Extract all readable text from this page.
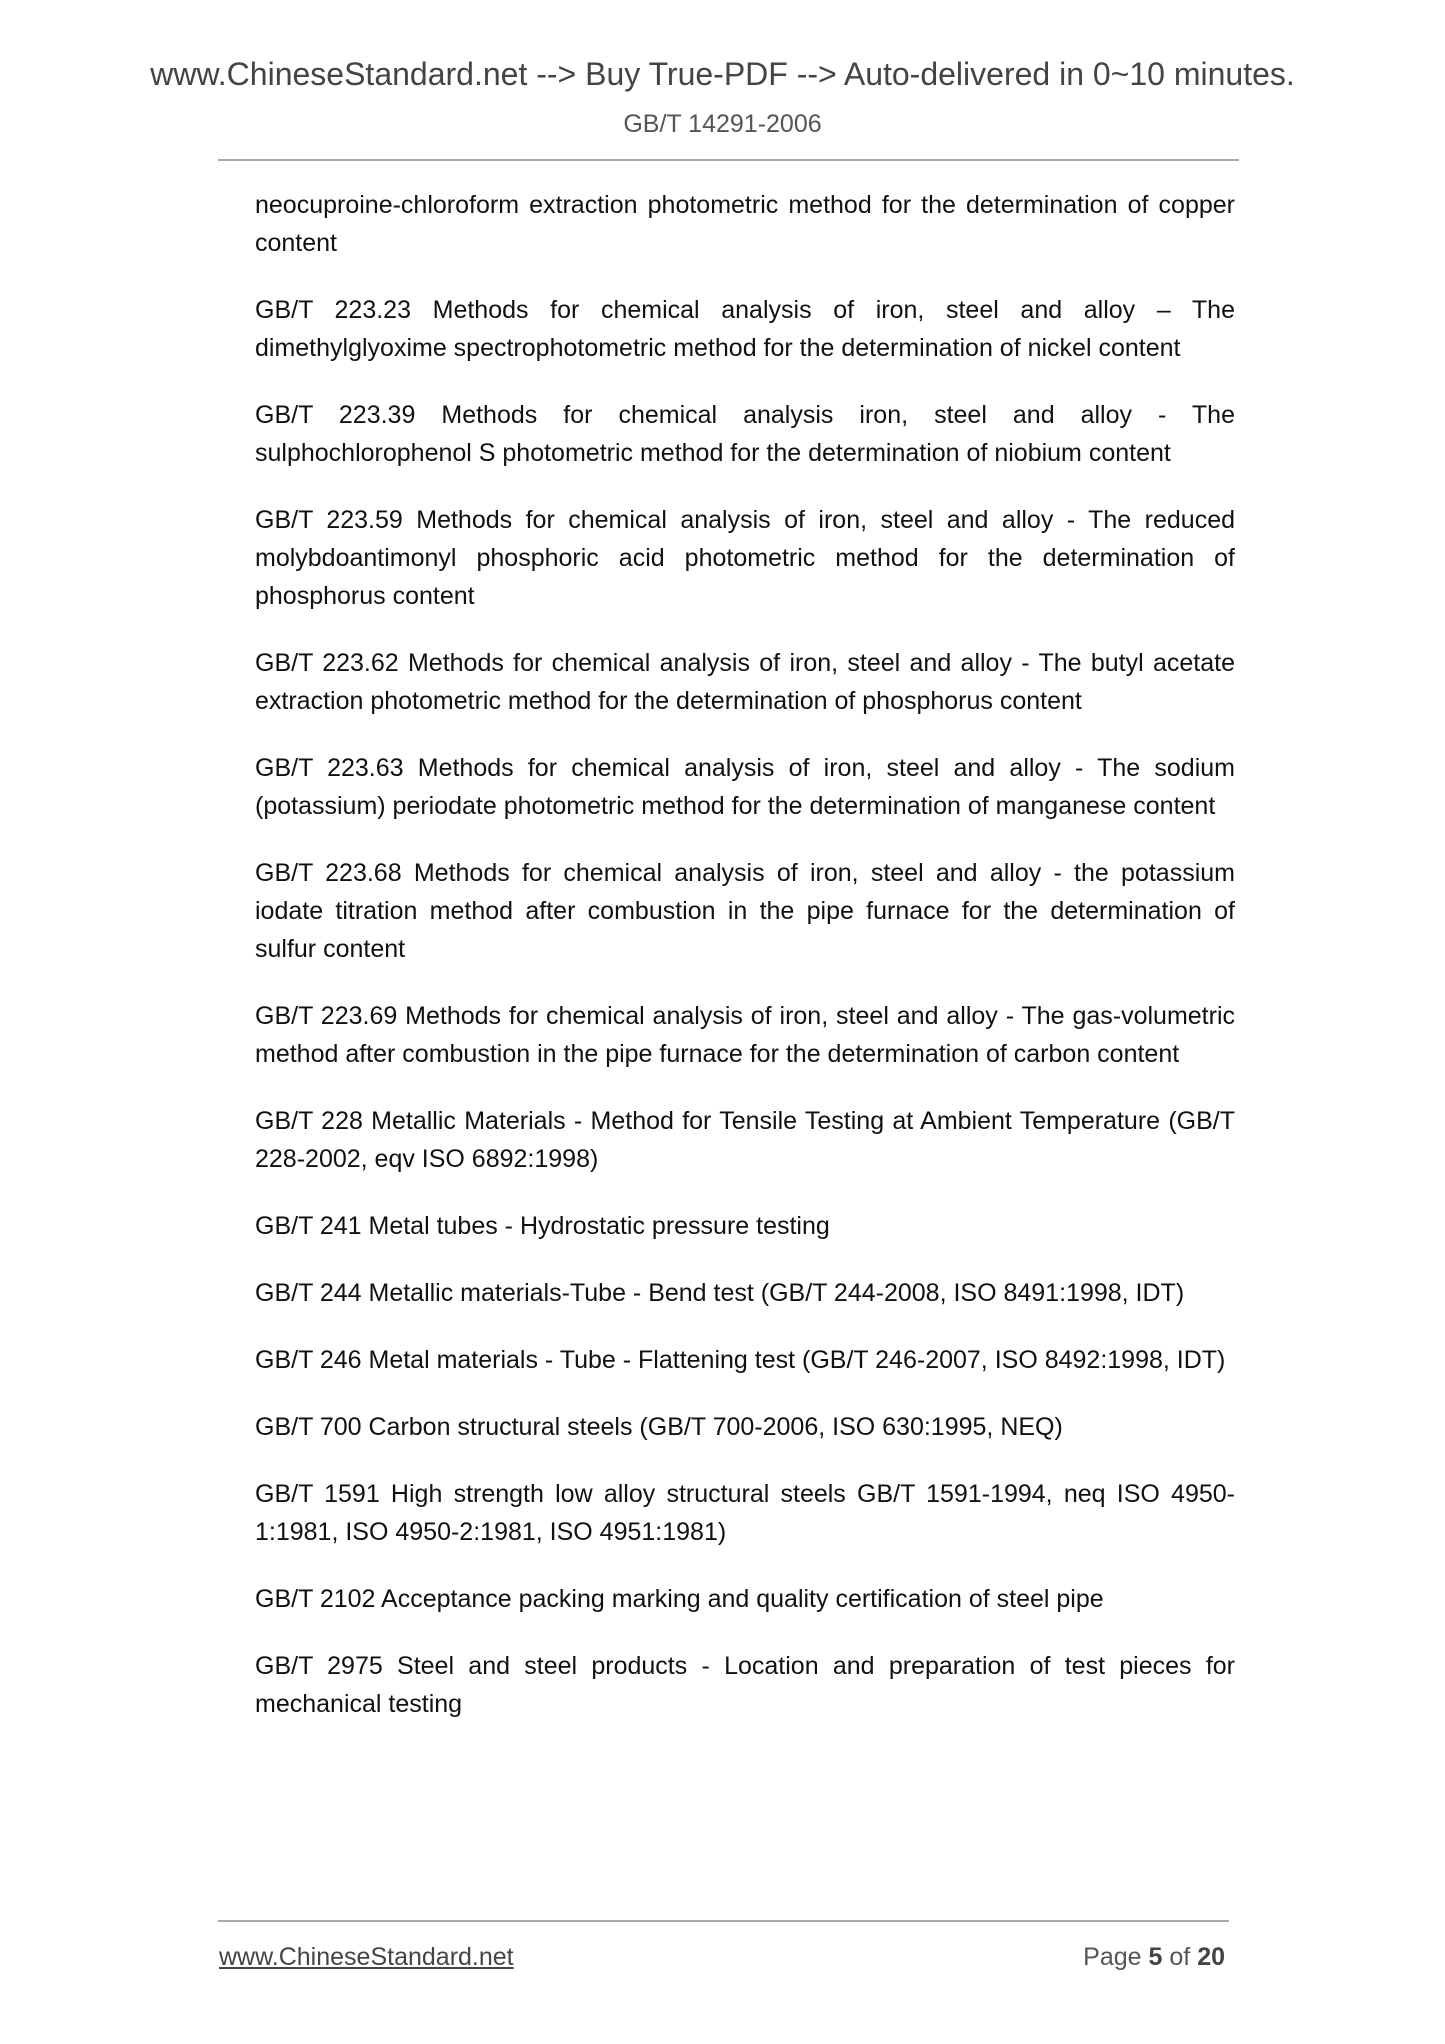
www.ChineseStandard.net --> Buy True-PDF --> Auto-delivered in 0~10 minutes.
GB/T 14291-2006

neocuproine-chloroform extraction photometric method for the determination of copper content

GB/T 223.23 Methods for chemical analysis of iron, steel and alloy – The dimethylglyoxime spectrophotometric method for the determination of nickel content

GB/T 223.39 Methods for chemical analysis iron, steel and alloy - The sulphochlorophenol S photometric method for the determination of niobium content

GB/T 223.59 Methods for chemical analysis of iron, steel and alloy - The reduced molybdoantimonyl phosphoric acid photometric method for the determination of phosphorus content

GB/T 223.62 Methods for chemical analysis of iron, steel and alloy - The butyl acetate extraction photometric method for the determination of phosphorus content

GB/T 223.63 Methods for chemical analysis of iron, steel and alloy - The sodium (potassium) periodate photometric method for the determination of manganese content

GB/T 223.68 Methods for chemical analysis of iron, steel and alloy - the potassium iodate titration method after combustion in the pipe furnace for the determination of sulfur content

GB/T 223.69 Methods for chemical analysis of iron, steel and alloy - The gas-volumetric method after combustion in the pipe furnace for the determination of carbon content

GB/T 228 Metallic Materials - Method for Tensile Testing at Ambient Temperature (GB/T 228-2002, eqv ISO 6892:1998)

GB/T 241 Metal tubes - Hydrostatic pressure testing

GB/T 244 Metallic materials-Tube - Bend test (GB/T 244-2008, ISO 8491:1998, IDT)

GB/T 246 Metal materials - Tube - Flattening test (GB/T 246-2007, ISO 8492:1998, IDT)

GB/T 700 Carbon structural steels (GB/T 700-2006, ISO 630:1995, NEQ)

GB/T 1591 High strength low alloy structural steels GB/T 1591-1994, neq ISO 4950-1:1981, ISO 4950-2:1981, ISO 4951:1981)

GB/T 2102 Acceptance packing marking and quality certification of steel pipe

GB/T 2975 Steel and steel products - Location and preparation of test pieces for mechanical testing

www.ChineseStandard.net	Page 5 of 20
